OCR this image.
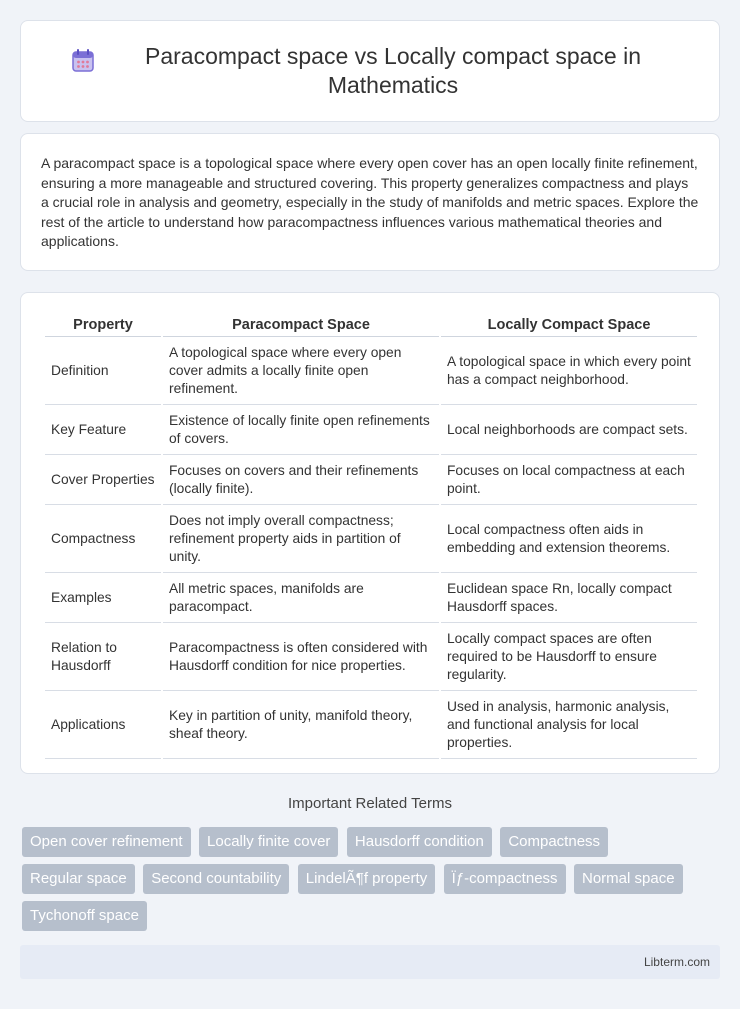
Paracompact space vs Locally compact space in Mathematics

A paracompact space is a topological space where every open cover has an open locally finite refinement, ensuring a more manageable and structured covering. This property generalizes compactness and plays a crucial role in analysis and geometry, especially in the study of manifolds and metric spaces. Explore the rest of the article to understand how paracompactness influences various mathematical theories and applications.

Property	Paracompact Space	Locally Compact Space
Definition	A topological space where every open cover admits a locally finite open refinement.	A topological space in which every point has a compact neighborhood.
Key Feature	Existence of locally finite open refinements of covers.	Local neighborhoods are compact sets.
Cover Properties	Focuses on covers and their refinements (locally finite).	Focuses on local compactness at each point.
Compactness	Does not imply overall compactness; refinement property aids in partition of unity.	Local compactness often aids in embedding and extension theorems.
Examples	All metric spaces, manifolds are paracompact.	Euclidean space Rn, locally compact Hausdorff spaces.
Relation to Hausdorff	Paracompactness is often considered with Hausdorff condition for nice properties.	Locally compact spaces are often required to be Hausdorff to ensure regularity.
Applications	Key in partition of unity, manifold theory, sheaf theory.	Used in analysis, harmonic analysis, and functional analysis for local properties.
Important Related Terms
Open cover refinement Locally finite cover Hausdorff condition Compactness Regular space Second countability LindelÃ¶f property Ïƒ-compactness Normal space Tychonoff space
Libterm.com
